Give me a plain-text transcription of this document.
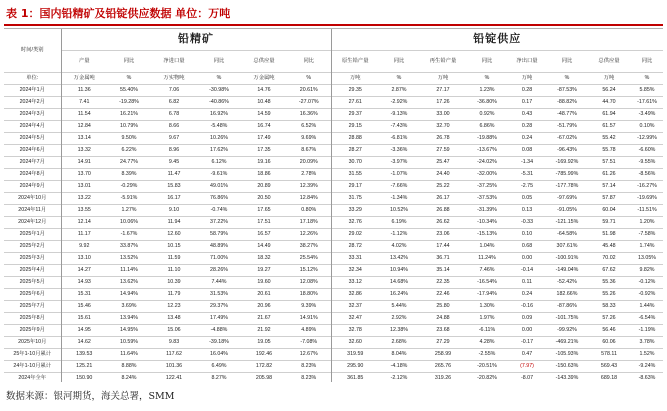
表 1：国内铅精矿及铅锭供应数据 单位：万吨
时间/类别	铅精矿						铅锭供应							
	产量	同比	净进口量	同比	总供应量	同比	原生铅产量	同比	再生铅产量	同比	净出口量	同比	总供应量	同比
单位:	万金属吨	%	万实物吨	%	万金属吨	%	万吨	%	万吨	%	万吨	%	万吨	%
2024年1月	11.36	55.40%	7.06	-30.98%	14.76	20.61%	29.35	2.87%	27.17	1.23%	0.28	-87.53%	56.24	5.85%
2024年2月	7.41	-19.28%	6.82	-40.86%	10.48	-27.07%	27.61	-2.92%	17.26	-36.80%	0.17	-88.82%	44.70	-17.61%
2024年3月	11.54	16.21%	6.78	16.92%	14.59	16.36%	29.37	-9.13%	33.00	0.92%	0.43	-48.77%	61.94	-3.49%
2024年4月	12.84	10.79%	8.66	-5.48%	16.74	6.52%	29.15	-7.43%	32.70	6.86%	0.28	-51.79%	61.57	0.10%
2024年5月	13.14	9.50%	9.67	10.26%	17.49	9.69%	28.88	-6.81%	26.78	-19.88%	0.24	-67.02%	55.42	-12.99%
2024年6月	13.32	6.22%	8.96	17.62%	17.35	8.67%	28.27	-3.36%	27.59	-13.67%	0.08	-96.43%	55.78	-6.60%
2024年7月	14.91	24.77%	9.45	6.12%	19.16	20.09%	30.70	-3.97%	25.47	-24.02%	-1.34	-169.92%	57.51	-9.55%
2024年8月	13.70	8.39%	11.47	-9.61%	18.86	2.78%	31.55	-1.07%	24.40	-32.00%	-5.31	-785.99%	61.26	-8.56%
2024年9月	13.01	-0.29%	15.83	49.01%	20.89	12.39%	29.17	-7.66%	25.22	-37.25%	-2.75	-177.78%	57.14	-16.27%
2024年10月	13.22	-5.91%	16.17	76.86%	20.50	12.84%	31.75	-1.34%	26.17	-37.53%	0.05	-97.69%	57.87	-19.69%
2024年11月	13.55	1.27%	9.10	-0.74%	17.65	0.80%	33.29	10.52%	26.88	-31.39%	0.13	-91.05%	60.04	-11.51%
2024年12月	12.14	10.06%	11.94	37.22%	17.51	17.18%	32.76	6.19%	26.62	-10.34%	-0.33	-121.15%	59.71	1.20%
2025年1月	11.17	-1.67%	12.60	58.79%	16.57	12.26%	29.02	-1.12%	23.06	-15.13%	0.10	-64.58%	51.98	-7.58%
2025年2月	9.92	33.87%	10.15	48.89%	14.49	38.27%	28.72	4.02%	17.44	1.04%	0.68	307.61%	45.48	1.74%
2025年3月	13.10	13.52%	11.59	71.00%	18.32	25.54%	33.31	13.42%	36.71	11.24%	0.00	-100.91%	70.02	13.05%
2025年4月	14.27	11.14%	11.10	28.26%	19.27	15.12%	32.34	10.94%	35.14	7.46%	-0.14	-149.04%	67.62	9.82%
2025年5月	14.93	13.62%	10.39	7.44%	19.60	12.08%	33.12	14.68%	22.35	-16.54%	0.11	-52.42%	55.36	-0.12%
2025年6月	15.31	14.94%	11.79	31.53%	20.61	18.80%	32.86	16.24%	22.46	-17.94%	0.24	182.66%	55.26	-0.92%
2025年7月	15.46	3.69%	12.23	29.37%	20.96	9.39%	32.37	5.44%	25.80	1.30%	-0.16	-87.86%	58.33	1.44%
2025年8月	15.61	13.94%	13.48	17.49%	21.67	14.91%	32.47	2.92%	24.88	1.97%	0.09	-101.75%	57.26	-6.54%
2025年9月	14.95	14.95%	15.06	-4.88%	21.92	4.89%	32.78	12.38%	23.68	-6.11%	0.00	-99.92%	56.46	-1.19%
2025年10月	14.62	10.59%	9.83	-39.18%	19.05	-7.08%	32.60	2.68%	27.29	4.28%	-0.17	-469.21%	60.06	3.78%
25年1-10月累计	139.53	11.64%	117.62	16.04%	192.46	12.67%	319.59	8.04%	258.99	-2.55%	0.47	-105.93%	578.11	1.52%
24年1-10月累计	125.21	8.88%	101.36	6.49%	172.82	8.23%	295.90	-4.18%	265.76	-20.51%	(7.97)	-150.63%	569.43	-9.24%
2024年全年	150.90	8.24%	122.41	8.27%	205.98	8.23%	361.85	-2.12%	319.26	-20.82%	-8.07	-143.39%	689.18	-8.63%
数据来源：银河期货，海关总署，SMM
